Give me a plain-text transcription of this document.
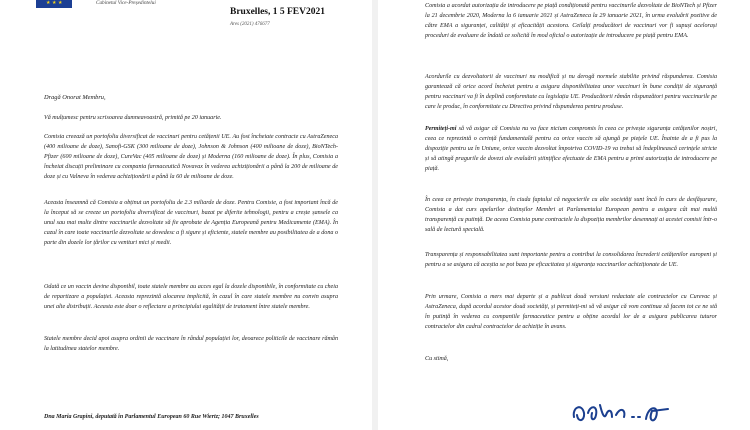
★ ★ ★	Cabinetul Vice-Președintelui
Bruxelles, 1 5 FEV2021
Ares (2021) 476677
Dragă Onorat Membru,
Vă mulțumesc pentru scrisoarea dumneavoastră, primită pe 20 ianuarie.
Comisia creează un portofoliu diversificat de vaccinuri pentru cetățenii UE. Au fost încheiate contracte cu AstraZeneca (400 milioane de doze), Sanofi-GSK (300 milioane de doze), Johnson & Johnson (400 milioane de doze), BioNTech-Pfizer (600 milioane de doze), CureVac (405 milioane de doze) și Moderna (160 milioane de doze). În plus, Comisia a încheiat discuții preliminare cu compania farmaceutică Novavax în vederea achiziționării a până la 200 de milioane de doze și cu Valneva în vederea achiziționării a până la 60 de milioane de doze.
Aceasta înseamnă că Comisia a obținut un portofoliu de 2.3 miliarde de doze. Pentru Comisie, a fost important încă de la început să se creeze un portofoliu diversificat de vaccinuri, bazat pe diferite tehnologii, pentru a crește șansele ca unul sau mai multe dintre vaccinurile dezvoltate să fie aprobate de Agenția Europeană pentru Medicamente (EMA). În cazul în care toate vaccinurile dezvoltate se dovedesc a fi sigure și eficiente, statele membre au posibilitatea de a dona o parte din dozele lor țărilor cu venituri mici și medii.
Odată ce un vaccin devine disponibil, toate statele membre au acces egal la dozele disponibile, în conformitate cu cheia de repartizare a populației. Aceasta reprezintă alocarea implicită, în cazul în care statele membre nu convin asupra unei alte distribuții. Aceasta este doar o reflectare a principiului egalității de tratament între statele membre.
Statele membre decid apoi asupra ordinii de vaccinare în rândul populației lor, deoarece politicile de vaccinare rămân la latitudinea statelor membre.
Dna Maria Grapini, deputată în Parlamentul European 60 Rue Wiertz; 1047 Bruxelles
Comisia a acordat autorizația de introducere pe piață condiționată pentru vaccinurile dezvoltate de BioNTech și Pfizer la 21 decembrie 2020, Moderna la 6 ianuarie 2021 și AstraZeneca la 29 ianuarie 2021, în urma evaluării pozitive de către EMA a siguranței, calității și eficacității acestora. Ceilalți producători de vaccinuri vor fi supuși acelorași proceduri de evaluare de îndată ce solicită în mod oficial o autorizație de introducere pe piață pentru EMA.
Acordurile cu dezvoltatorii de vaccinuri nu modifică și nu derogă normele stabilite privind răspunderea. Comisia garantează că orice acord încheiat pentru a asigura disponibilitatea unor vaccinuri în bune condiții de siguranță pentru vaccinuri va fi în deplină conformitate cu legislația UE. Producătorii rămân răspunzători pentru vaccinurile pe care le produc, în conformitate cu Directiva privind răspunderea pentru produse.
Permiteți-mi să vă asigur că Comisia nu va face nicium compromis în ceea ce privește siguranța cetățenilor noștri, ceea ce reprezintă o cerință fundamentală pentru ca orice vaccin să ajungă pe piețele UE. Înainte de a fi pus la dispoziție pentru uz în Uniune, orice vaccin dezvoltat împotriva COVID-19 va trebui să îndeplinească cerințele stricte și să atingă pragurile de dovezi ale evaluării științifice efectuate de EMA pentru a primi autorizația de introducere pe piață.
În ceea ce privește transparența, în ciuda faptului că negocierile cu alte societăți sunt încă în curs de desfășurare, Comisia a dat curs apelurilor distinșilor Membri ai Parlamentului European pentru a asigura cât mai multă transparență cu putință. De aceea Comisia pune contractele la dispoziția membrilor desemnați ai acestei comisii într-o sală de lectură specială.
Transparența și responsabilitatea sunt importante pentru a contribui la consolidarea încrederii cetățenilor europeni și pentru a se asigura că aceștia se pot baza pe eficacitatea și siguranța vaccinurilor achiziționate de UE.
Prin urmare, Comisia a mers mai departe și a publicat două versiuni redactate ale contractelor cu Curevac și AstraZeneca, după acordul acestor două societăți, și permiteți-mi să vă asigur că vom continua să facem tot ce ne stă în putință în vederea cu companiile farmaceutice pentru a obține acordul lor de a asigura publicarea tuturor contractelor din cadrul contractelor de achiziție în avans.
Cu stimă,
